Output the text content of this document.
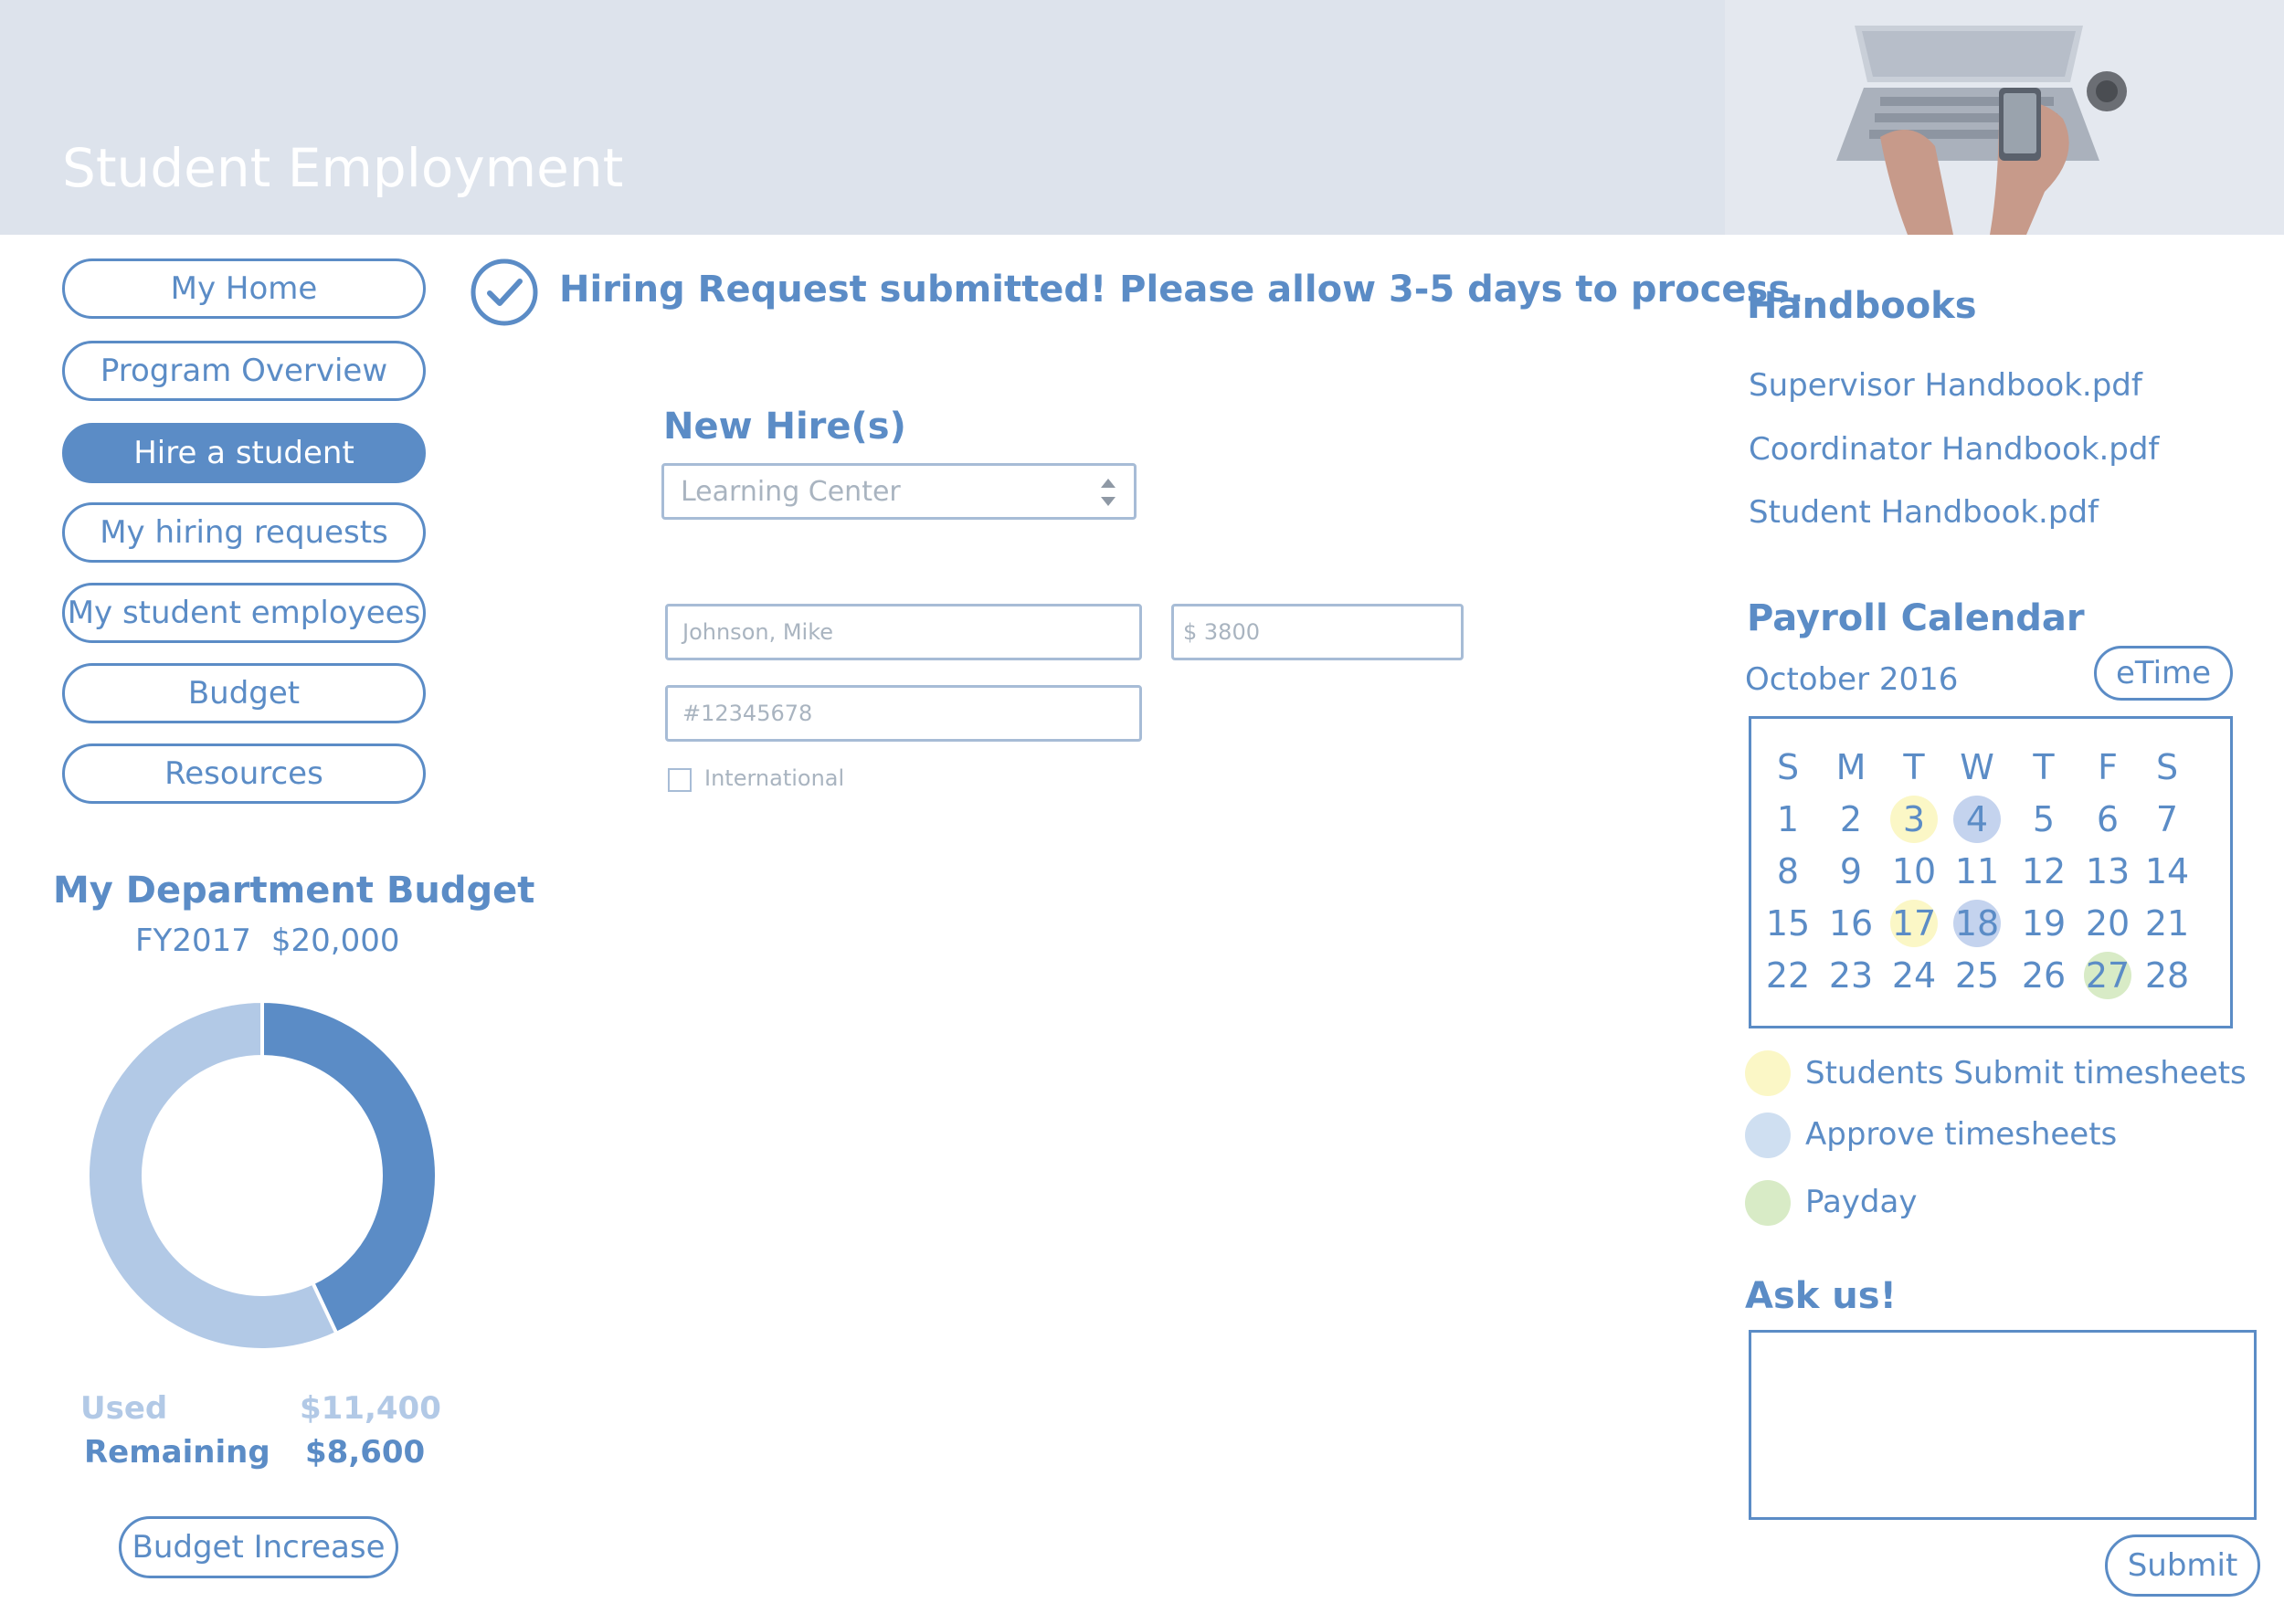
Student Employment
My Home
Program Overview
Hire a student
My hiring requests
My student employees
Budget
Resources
My Department Budget
FY2017 $20,000
Used	$11,400
Remaining $8,600
Budget Increase
Hiring Request submitted! Please allow 3-5 days to process.
New Hire(s)
Learning Center
Johnson, Mike	$ 3800
#12345678
International
Handbooks
Supervisor Handbook.pdf
Coordinator Handbook.pdf
Student Handbook.pdf
Payroll Calendar
October 2016	eTime
S M T W T F S
1 2 3 4 5 6 7
8 9 10 11 12 13 14
15 16 17 18 19 20 21
22 23 24 25 26 27 28
Students Submit timesheets
Approve timesheets
Payday
Ask us!
Submit
